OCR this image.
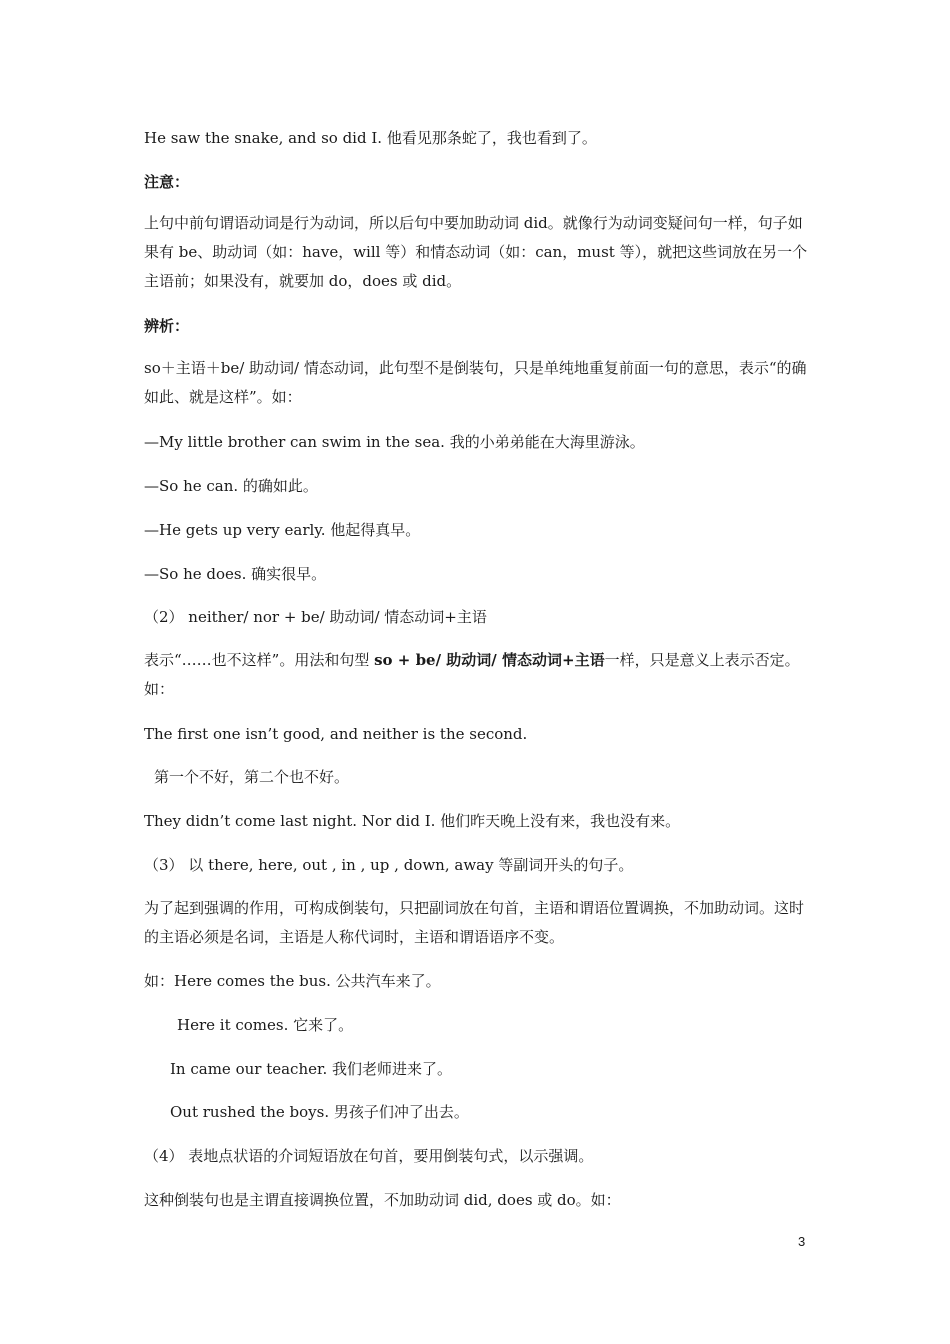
He saw the snake, and so did I. 他看见那条蛇了，我也看到了。
注意：
上句中前句谓语动词是行为动词，所以后句中要加助动词 did。就像行为动词变疑问句一样，句子如果有 be、助动词（如：have，will 等）和情态动词（如：can，must 等），就把这些词放在另一个主语前；如果没有，就要加 do，does 或 did。
辨析：
so＋主语＋be/ 助动词/ 情态动词，此句型不是倒装句，只是单纯地重复前面一句的意思，表示“的确如此、就是这样”。如：
—My little brother can swim in the sea. 我的小弟弟能在大海里游泳。
—So he can. 的确如此。
—He gets up very early. 他起得真早。
—So he does. 确实很早。
（2） neither/ nor + be/ 助动词/ 情态动词+主语
表示“……也不这样”。用法和句型 so + be/ 助动词/ 情态动词+主语一样，只是意义上表示否定。如：
The first one isn’t good, and neither is the second.
第一个不好，第二个也不好。
They didn’t come last night. Nor did I. 他们昨天晚上没有来，我也没有来。
（3） 以 there, here, out , in , up , down, away 等副词开头的句子。
为了起到强调的作用，可构成倒装句，只把副词放在句首，主语和谓语位置调换，不加助动词。这时的主语必须是名词，主语是人称代词时，主语和谓语语序不变。
如：Here comes the bus. 公共汽车来了。
Here it comes. 它来了。
In came our teacher. 我们老师进来了。
Out rushed the boys. 男孩子们冲了出去。
（4） 表地点状语的介词短语放在句首，要用倒装句式，以示强调。
这种倒装句也是主谓直接调换位置，不加助动词 did, does 或 do。如：
3
